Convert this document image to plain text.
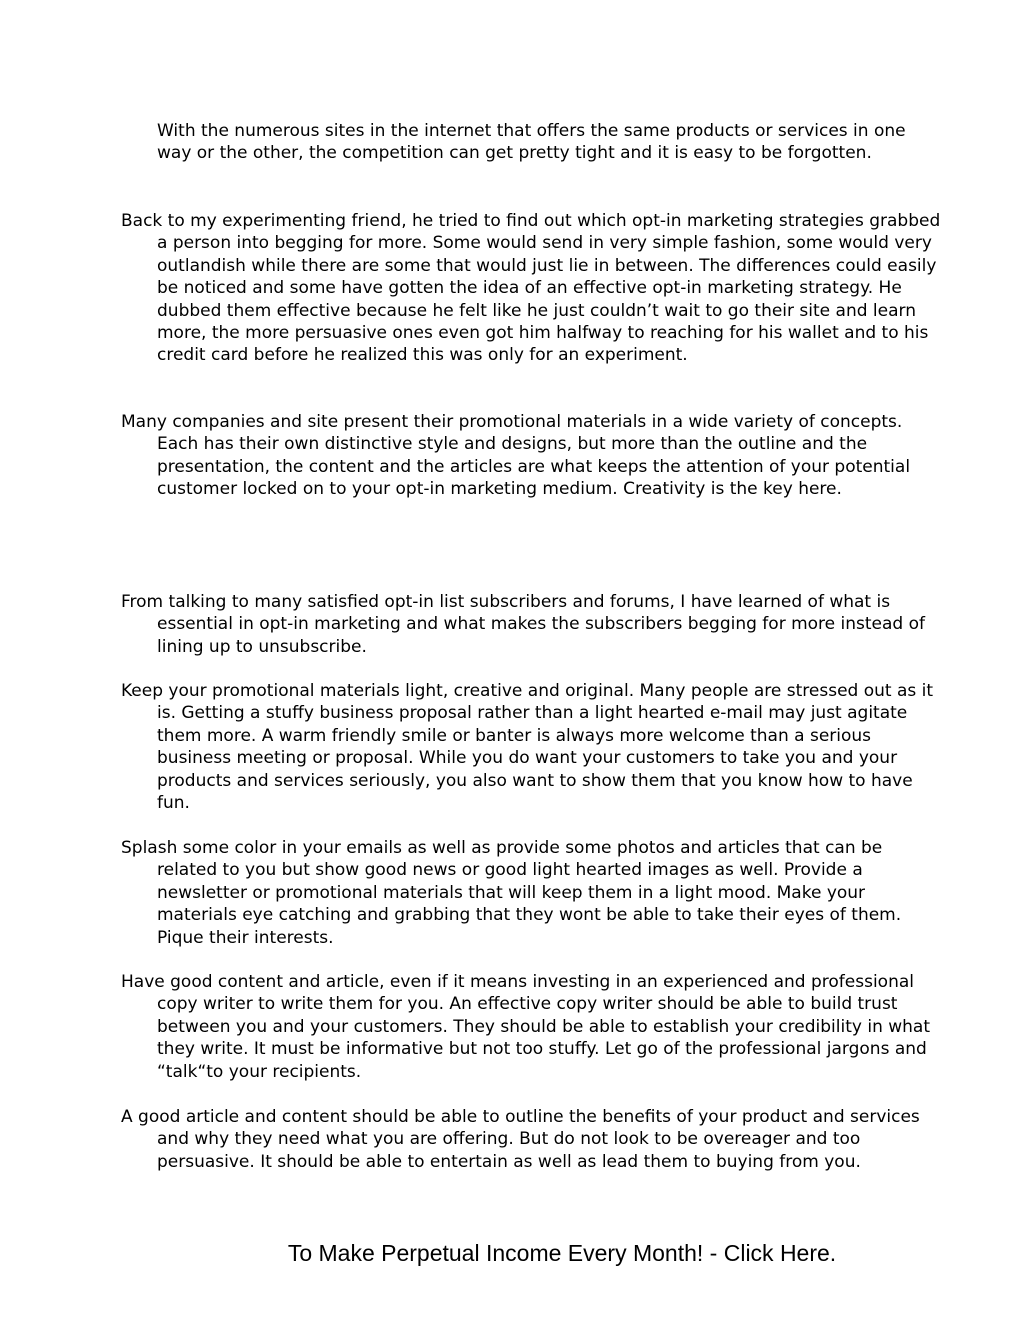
With the numerous sites in the internet that offers the same products or services in one way or the other, the competition can get pretty tight and it is easy to be forgotten.

Back to my experimenting friend, he tried to find out which opt-in marketing strategies grabbed a person into begging for more. Some would send in very simple fashion, some would very outlandish while there are some that would just lie in between. The differences could easily be noticed and some have gotten the idea of an effective opt-in marketing strategy. He dubbed them effective because he felt like he just couldn’t wait to go their site and learn more, the more persuasive ones even got him halfway to reaching for his wallet and to his credit card before he realized this was only for an experiment.

Many companies and site present their promotional materials in a wide variety of concepts. Each has their own distinctive style and designs, but more than the outline and the presentation, the content and the articles are what keeps the attention of your potential customer locked on to your opt-in marketing medium. Creativity is the key here.

From talking to many satisfied opt-in list subscribers and forums, I have learned of what is essential in opt-in marketing and what makes the subscribers begging for more instead of lining up to unsubscribe.

Keep your promotional materials light, creative and original. Many people are stressed out as it is. Getting a stuffy business proposal rather than a light hearted e-mail may just agitate them more. A warm friendly smile or banter is always more welcome than a serious business meeting or proposal. While you do want your customers to take you and your products and services seriously, you also want to show them that you know how to have fun.

Splash some color in your emails as well as provide some photos and articles that can be related to you but show good news or good light hearted images as well. Provide a newsletter or promotional materials that will keep them in a light mood. Make your materials eye catching and grabbing that they wont be able to take their eyes of them. Pique their interests.

Have good content and article, even if it means investing in an experienced and professional copy writer to write them for you. An effective copy writer should be able to build trust between you and your customers. They should be able to establish your credibility in what they write. It must be informative but not too stuffy. Let go of the professional jargons and “talk“to your recipients.

A good article and content should be able to outline the benefits of your product and services and why they need what you are offering. But do not look to be overeager and too persuasive. It should be able to entertain as well as lead them to buying from you.

To Make Perpetual Income Every Month! - Click Here.
